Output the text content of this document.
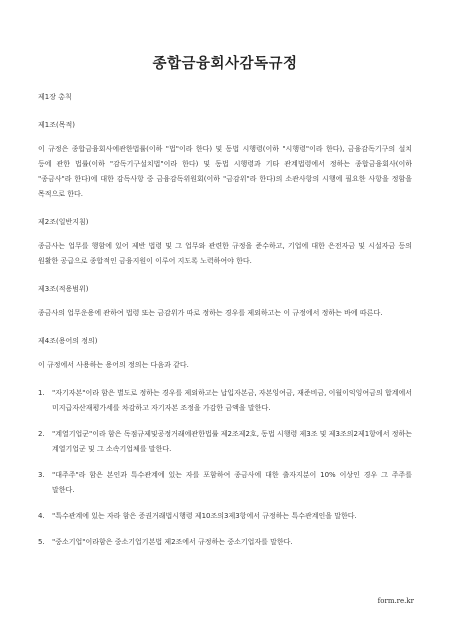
종합금융회사감독규정

제1장 총칙

제1조(목적)

이 규정은 종합금융회사에관한법률(이하 "법"이라 한다) 및 동법 시행령(이하 "시행령"이라 한다), 금융감독기구의 설치 등에 관한 법률(이하 "감독기구설치법"이라 한다) 및 동법 시행령과 기타 관계법령에서 정하는 종합금융회사(이하 "종금사"라 한다)에 대한 감독사항 중 금융감독위원회(이하 "금감위"라 한다)의 소관사항의 시행에 필요한 사항을 정함을 목적으로 한다.

제2조(일반지침)

종금사는 업무를 행함에 있어 제반 법령 및 그 업무와 관련한 규정을 준수하고, 기업에 대한 은전자금 및 시설자금 등의 원활한 공급으로 종합적인 금융지원이 이루어 지도록 노력하여야 한다.

제3조(적용범위)

종금사의 업무운용에 관하여 법령 또는 금감위가 따로 정하는 경우를 제외하고는 이 규정에서 정하는 바에 따른다.

제4조(용어의 정의)

이 규정에서 사용하는 용어의 정의는 다음과 같다.

1.	"자기자본"이라 함은 별도로 정하는 경우를 제외하고는 납입자본금, 자본잉여금, 재준비금, 이월이익잉여금의 합계에서 미지급자산재평가세를 차감하고 자기자본 조정을 가감한 금액을 말한다.
2.	"계열기업군"이라 함은 독점규제및공정거래에관한법률 제2조제2호, 동법 시행령 제3조 및 제3조의2제1항에서 정하는 계열기업군 및 그 소속기업체를 말한다.
3.	"대주주"라 함은 본인과 특수관계에 있는 자를 포함하여 종금사에 대한 출자지분이 10% 이상인 경우 그 주주를 말한다.
4.	"특수관계에 있는 자라 함은 증권거래법시행령 제10조의3제3항에서 규정하는 특수관계인을 말한다.
5.	"중소기업"이라함은 중소기업기본법 제2조에서 규정하는 중소기업자를 말한다.
form.re.kr
